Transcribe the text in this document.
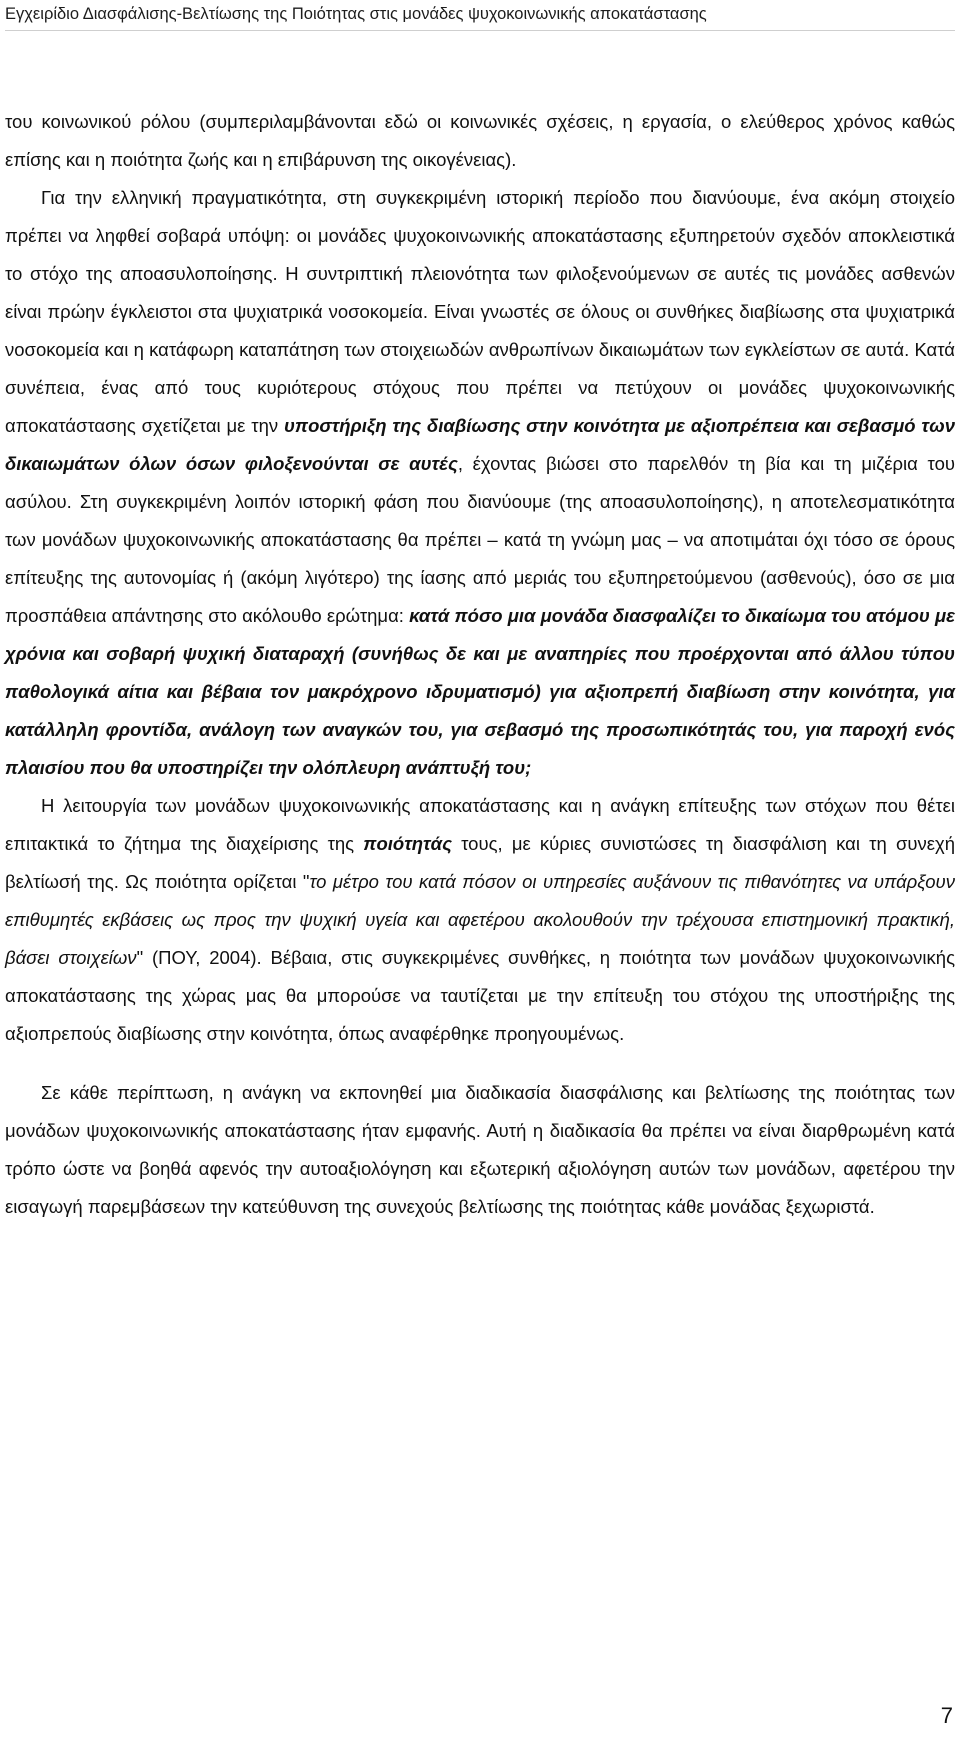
Εγχειρίδιο Διασφάλισης-Βελτίωσης της Ποιότητας στις μονάδες ψυχοκοινωνικής αποκατάστασης

του κοινωνικού ρόλου (συμπεριλαμβάνονται εδώ οι κοινωνικές σχέσεις, η εργασία, ο ελεύθερος χρόνος καθώς επίσης και η ποιότητα ζωής και η επιβάρυνση της οικογένειας).

Για την ελληνική πραγματικότητα, στη συγκεκριμένη ιστορική περίοδο που διανύουμε, ένα ακόμη στοιχείο πρέπει να ληφθεί σοβαρά υπόψη: οι μονάδες ψυχοκοινωνικής αποκατάστασης εξυπηρετούν σχεδόν αποκλειστικά το στόχο της αποασυλοποίησης. Η συντριπτική πλειονότητα των φιλοξενούμενων σε αυτές τις μονάδες ασθενών είναι πρώην έγκλειστοι στα ψυχιατρικά νοσοκομεία. Είναι γνωστές σε όλους οι συνθήκες διαβίωσης στα ψυχιατρικά νοσοκομεία και η κατάφωρη καταπάτηση των στοιχειωδών ανθρωπίνων δικαιωμάτων των εγκλείστων σε αυτά. Κατά συνέπεια, ένας από τους κυριότερους στόχους που πρέπει να πετύχουν οι μονάδες ψυχοκοινωνικής αποκατάστασης σχετίζεται με την υποστήριξη της διαβίωσης στην κοινότητα με αξιοπρέπεια και σεβασμό των δικαιωμάτων όλων όσων φιλοξενούνται σε αυτές, έχοντας βιώσει στο παρελθόν τη βία και τη μιζέρια του ασύλου. Στη συγκεκριμένη λοιπόν ιστορική φάση που διανύουμε (της αποασυλοποίησης), η αποτελεσματικότητα των μονάδων ψυχοκοινωνικής αποκατάστασης θα πρέπει – κατά τη γνώμη μας – να αποτιμάται όχι τόσο σε όρους επίτευξης της αυτονομίας ή (ακόμη λιγότερο) της ίασης από μεριάς του εξυπηρετούμενου (ασθενούς), όσο σε μια προσπάθεια απάντησης στο ακόλουθο ερώτημα: κατά πόσο μια μονάδα διασφαλίζει το δικαίωμα του ατόμου με χρόνια και σοβαρή ψυχική διαταραχή (συνήθως δε και με αναπηρίες που προέρχονται από άλλου τύπου παθολογικά αίτια και βέβαια τον μακρόχρονο ιδρυματισμό) για αξιοπρεπή διαβίωση στην κοινότητα, για κατάλληλη φροντίδα, ανάλογη των αναγκών του, για σεβασμό της προσωπικότητάς του, για παροχή ενός πλαισίου που θα υποστηρίζει την ολόπλευρη ανάπτυξή του;

Η λειτουργία των μονάδων ψυχοκοινωνικής αποκατάστασης και η ανάγκη επίτευξης των στόχων που θέτει επιτακτικά το ζήτημα της διαχείρισης της ποιότητάς τους, με κύριες συνιστώσες τη διασφάλιση και τη συνεχή βελτίωσή της. Ως ποιότητα ορίζεται "το μέτρο του κατά πόσον οι υπηρεσίες αυξάνουν τις πιθανότητες να υπάρξουν επιθυμητές εκβάσεις ως προς την ψυχική υγεία και αφετέρου ακολουθούν την τρέχουσα επιστημονική πρακτική, βάσει στοιχείων" (ΠΟΥ, 2004). Βέβαια, στις συγκεκριμένες συνθήκες, η ποιότητα των μονάδων ψυχοκοινωνικής αποκατάστασης της χώρας μας θα μπορούσε να ταυτίζεται με την επίτευξη του στόχου της υποστήριξης της αξιοπρεπούς διαβίωσης στην κοινότητα, όπως αναφέρθηκε προηγουμένως.

Σε κάθε περίπτωση, η ανάγκη να εκπονηθεί μια διαδικασία διασφάλισης και βελτίωσης της ποιότητας των μονάδων ψυχοκοινωνικής αποκατάστασης ήταν εμφανής. Αυτή η διαδικασία θα πρέπει να είναι διαρθρωμένη κατά τρόπο ώστε να βοηθά αφενός την αυτοαξιολόγηση και εξωτερική αξιολόγηση αυτών των μονάδων, αφετέρου την εισαγωγή παρεμβάσεων την κατεύθυνση της συνεχούς βελτίωσης της ποιότητας κάθε μονάδας ξεχωριστά.

7
